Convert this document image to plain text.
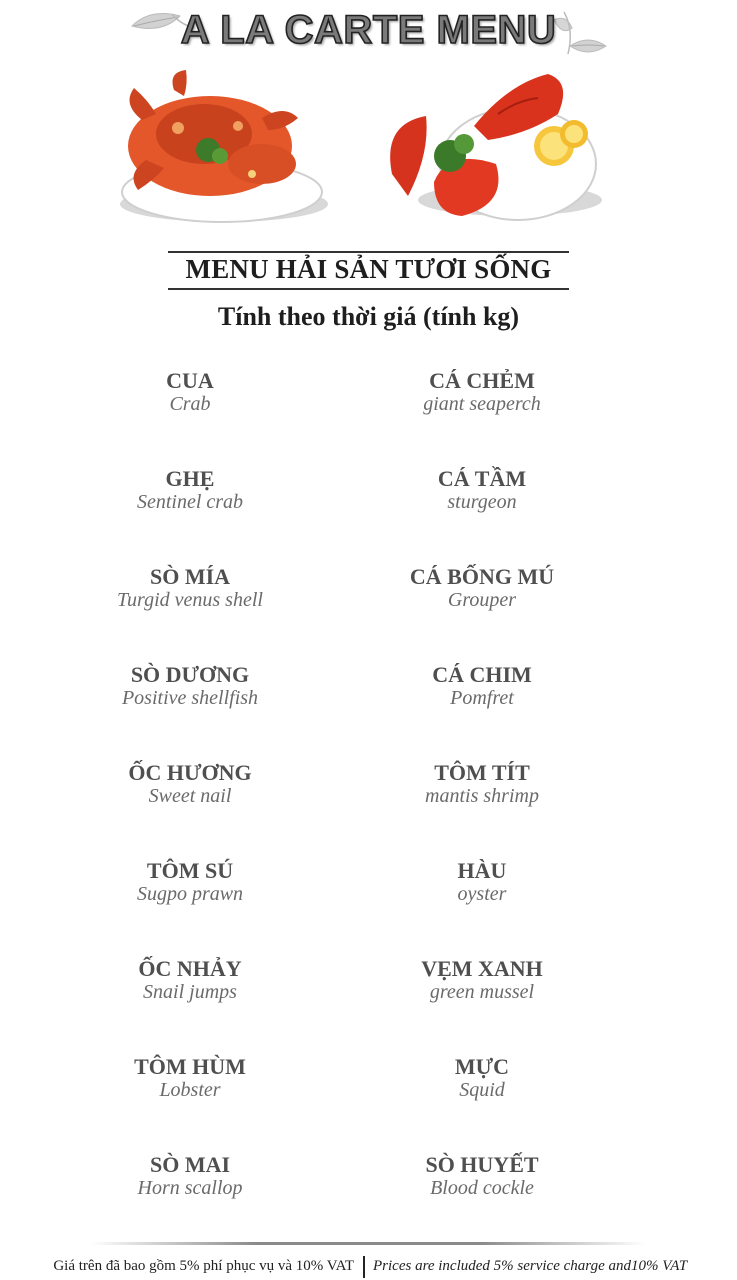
A LA CARTE MENU
MENU HẢI SẢN TƯƠI SỐNG
Tính theo thời giá (tính kg)
CUA
Crab
GHẸ
Sentinel crab
SÒ MÍA
Turgid venus shell
SÒ DƯƠNG
Positive shellfish
ỐC HƯƠNG
Sweet nail
TÔM SÚ
Sugpo prawn
ỐC NHẢY
Snail jumps
TÔM HÙM
Lobster
SÒ MAI
Horn scallop
CÁ CHẺM
giant seaperch
CÁ TẦM
sturgeon
CÁ BỐNG MÚ
Grouper
CÁ CHIM
Pomfret
TÔM TÍT
mantis shrimp
HÀU
oyster
VẸM XANH
green mussel
MỰC
Squid
SÒ HUYẾT
Blood cockle
Giá trên đã bao gồm 5% phí phục vụ và 10% VAT Prices are included 5% service charge and10% VAT
